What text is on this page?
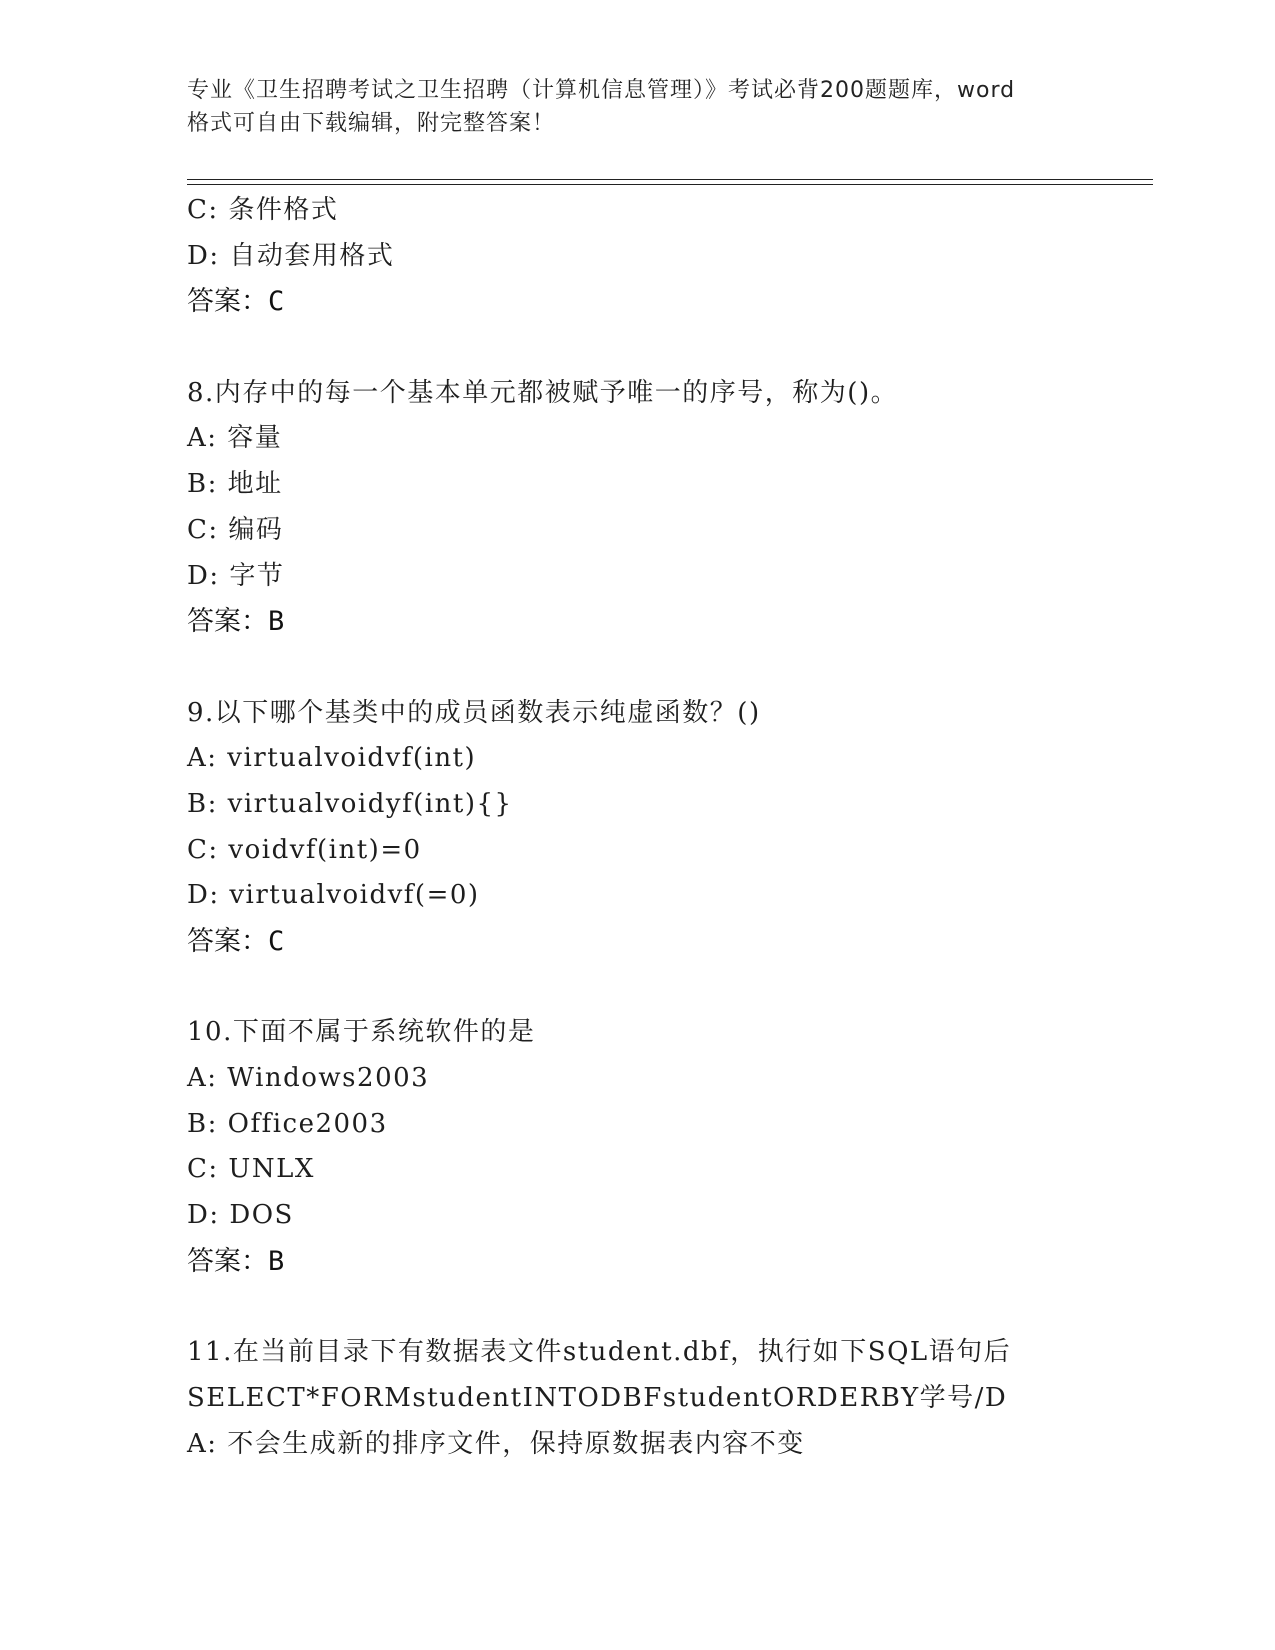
专业《卫生招聘考试之卫生招聘（计算机信息管理）》考试必背200题题库，word
格式可自由下载编辑，附完整答案！
C: 条件格式
D: 自动套用格式
答案：C
8.内存中的每一个基本单元都被赋予唯一的序号，称为()。
A: 容量
B: 地址
C: 编码
D: 字节
答案：B
9.以下哪个基类中的成员函数表示纯虚函数？()
A: virtualvoidvf(int)
B: virtualvoidyf(int){}
C: voidvf(int)=0
D: virtualvoidvf(=0)
答案：C
10.下面不属于系统软件的是
A: Windows2003
B: Office2003
C: UNLX
D: DOS
答案：B
11.在当前目录下有数据表文件student.dbf，执行如下SQL语句后
SELECT*FORMstudentINTODBFstudentORDERBY学号/D
A: 不会生成新的排序文件，保持原数据表内容不变
